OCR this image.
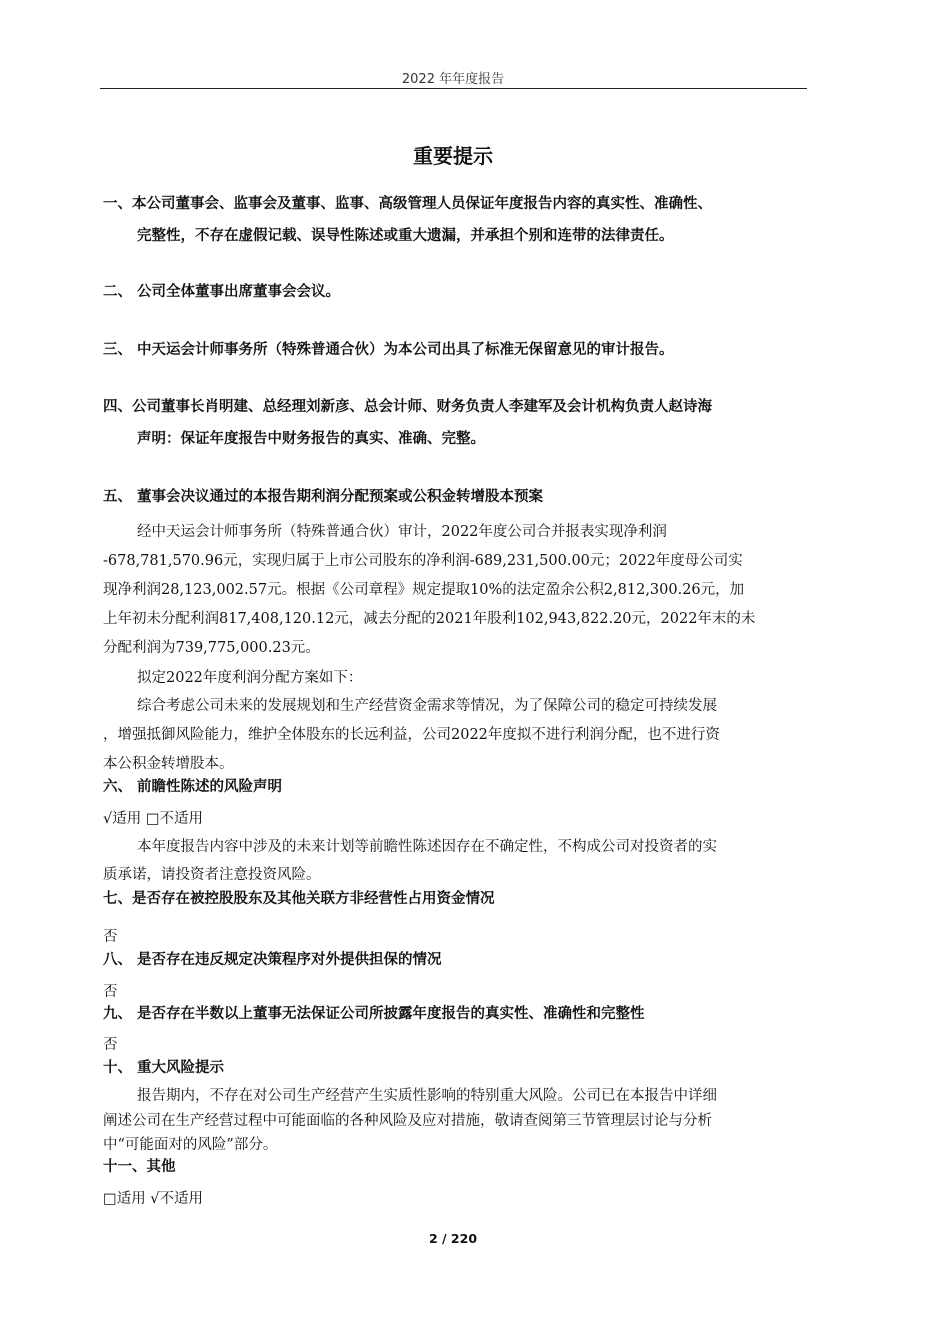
2022 年年度报告
重要提示
一、本公司董事会、监事会及董事、监事、高级管理人员保证年度报告内容的真实性、准确性、
完整性，不存在虚假记载、误导性陈述或重大遗漏，并承担个别和连带的法律责任。
二、 公司全体董事出席董事会会议。
三、 中天运会计师事务所（特殊普通合伙）为本公司出具了标准无保留意见的审计报告。
四、公司董事长肖明建、总经理刘新彦、总会计师、财务负责人李建军及会计机构负责人赵诗海
声明：保证年度报告中财务报告的真实、准确、完整。
五、 董事会决议通过的本报告期利润分配预案或公积金转增股本预案
经中天运会计师事务所（特殊普通合伙）审计，2022年度公司合并报表实现净利润
-678,781,570.96元，实现归属于上市公司股东的净利润-689,231,500.00元；2022年度母公司实
现净利润28,123,002.57元。根据《公司章程》规定提取10%的法定盈余公积2,812,300.26元，加
上年初未分配利润817,408,120.12元，减去分配的2021年股利102,943,822.20元，2022年末的未
分配利润为739,775,000.23元。
拟定2022年度利润分配方案如下：
综合考虑公司未来的发展规划和生产经营资金需求等情况，为了保障公司的稳定可持续发展
，增强抵御风险能力，维护全体股东的长远利益，公司2022年度拟不进行利润分配，也不进行资
本公积金转增股本。
六、 前瞻性陈述的风险声明
√适用 □不适用
本年度报告内容中涉及的未来计划等前瞻性陈述因存在不确定性，不构成公司对投资者的实
质承诺，请投资者注意投资风险。
七、是否存在被控股股东及其他关联方非经营性占用资金情况
否
八、 是否存在违反规定决策程序对外提供担保的情况
否
九、 是否存在半数以上董事无法保证公司所披露年度报告的真实性、准确性和完整性
否
十、 重大风险提示
报告期内，不存在对公司生产经营产生实质性影响的特别重大风险。公司已在本报告中详细
阐述公司在生产经营过程中可能面临的各种风险及应对措施，敬请查阅第三节管理层讨论与分析
中“可能面对的风险”部分。
十一、其他
□适用 √不适用
2 / 220
